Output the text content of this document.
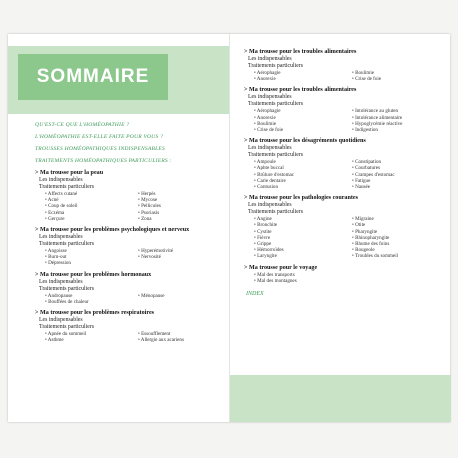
SOMMAIRE
QU'EST-CE QUE L'HOMÉOPATHIE ?
L'HOMÉOPATHIE EST-ELLE FAITE POUR VOUS ?
TROUSSES HOMÉOPATHIQUES INDISPENSABLES
TRAITEMENTS HOMÉOPATHIQUES PARTICULIERS :
> Ma trousse pour la peau
Les indispensables
Traitements particuliers
• Affects cutané	• Herpès
• Acné	• Mycose
• Coup de soleil	• Pellicules
• Eczéma	• Psoriasis
• Gerçure	• Zona
> Ma trousse pour les problèmes psychologiques et nerveux
Les indispensables
Traitements particuliers
• Angoisse	• Hyperémotivité
• Burn-out	• Nervosité
• Dépression
> Ma trousse pour les problèmes hormonaux
Les indispensables
Traitements particuliers
• Andropause	• Ménopause
• Bouffées de chaleur
> Ma trousse pour les problèmes respiratoires
Les indispensables
Traitements particuliers
• Apnée du sommeil	• Essoufflement
• Asthme	• Allergie aux acariens
> Ma trousse pour les troubles alimentaires
Les indispensables
Traitements particuliers
• Aérophagie	• Boulimie
• Anorexie	• Crise de foie
> Ma trousse pour les troubles alimentaires
Les indispensables
Traitements particuliers
• Aérophagie	• Intolérance au gluten
• Anorexie	• Intolérance alimentaire
• Boulimie	• Hypoglycémie réactive
• Crise de foie	• Indigestion
> Ma trousse pour les désagréments quotidiens
Les indispensables
Traitements particuliers
• Ampoule	• Constipation
• Aphte buccal	• Courbatures
• Brûlure d'estomac	• Crampes d'estomac
• Carie dentaire	• Fatigue
• Contusion	• Nausée
> Ma trousse pour les pathologies courantes
Les indispensables
Traitements particuliers
• Angine	• Migraine
• Bronchite	• Otite
• Cystite	• Pharyngite
• Fièvre	• Rhinopharyngite
• Grippe	• Rhume des foins
• Hémorroïdes	• Rougeole
• Laryngite	• Troubles du sommeil
> Ma trousse pour le voyage
• Mal des transports
• Mal des montagnes
INDEX
